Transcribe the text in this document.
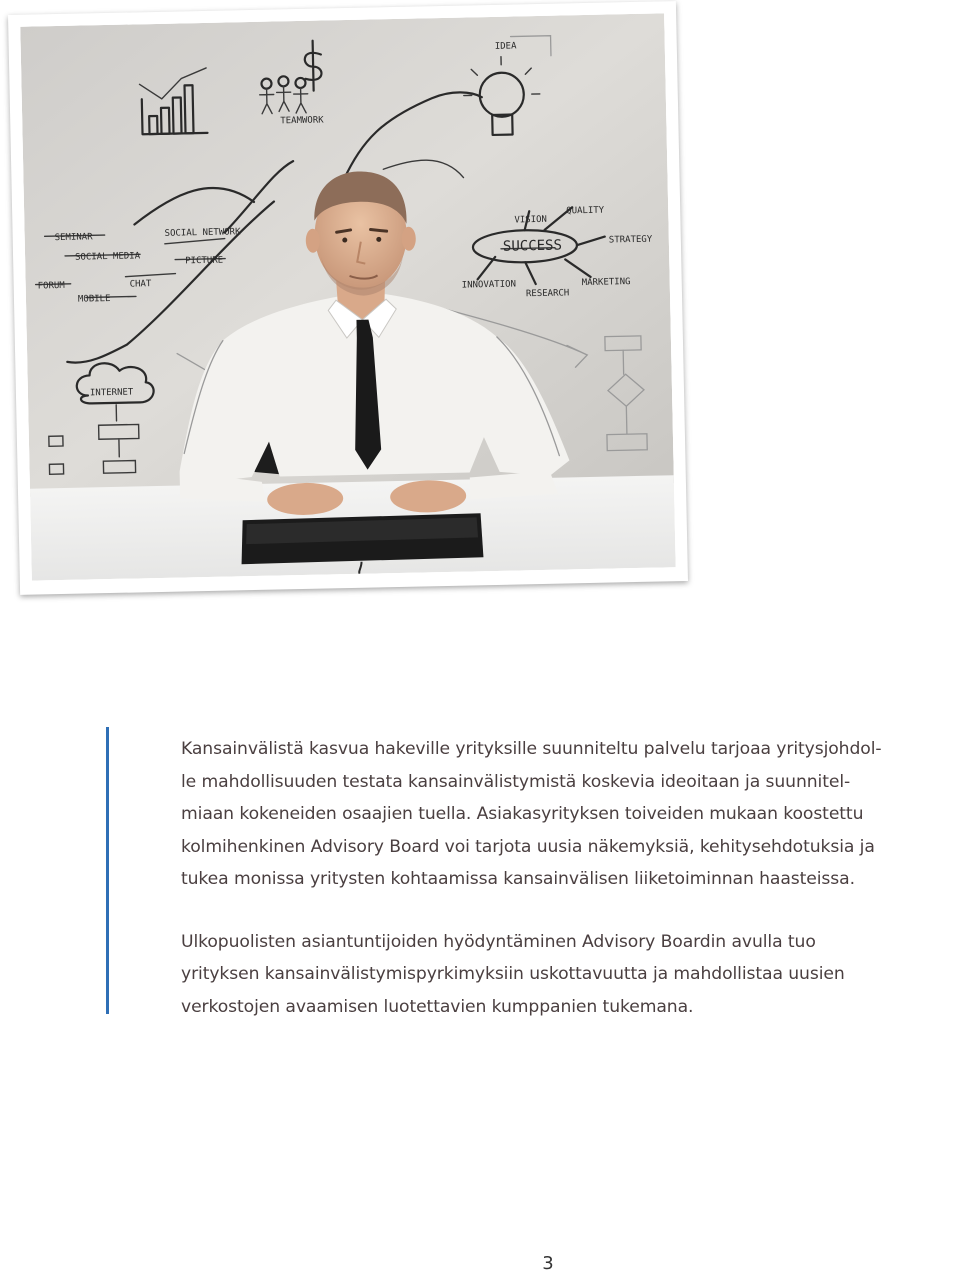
TEAMWORK
SEMINAR	SOCIAL NETWORK
SOCIAL MEDIA
FORUM
MOBILE
CHAT
PICTURE
INTERNET
VISION
QUALITY
SUCCESS	STRATEGY
INNOVATION
RESEARCH
MARKETING
IDEA

Kansainvälistä kasvua hakeville yrityksille suunniteltu palvelu tarjoaa yritysjohdol-
le mahdollisuuden testata kansainvälistymistä koskevia ideoitaan ja suunnitel-
miaan kokeneiden osaajien tuella. Asiakasyrityksen toiveiden mukaan koostettu
kolmihenkinen Advisory Board voi tarjota uusia näkemyksiä, kehitysehdotuksia ja
tukea monissa yritysten kohtaamissa kansainvälisen liiketoiminnan haasteissa.

Ulkopuolisten asiantuntijoiden hyödyntäminen Advisory Boardin avulla tuo
yrityksen kansainvälistymispyrkimyksiin uskottavuutta ja mahdollistaa uusien
verkostojen avaamisen luotettavien kumppanien tukemana.

3
